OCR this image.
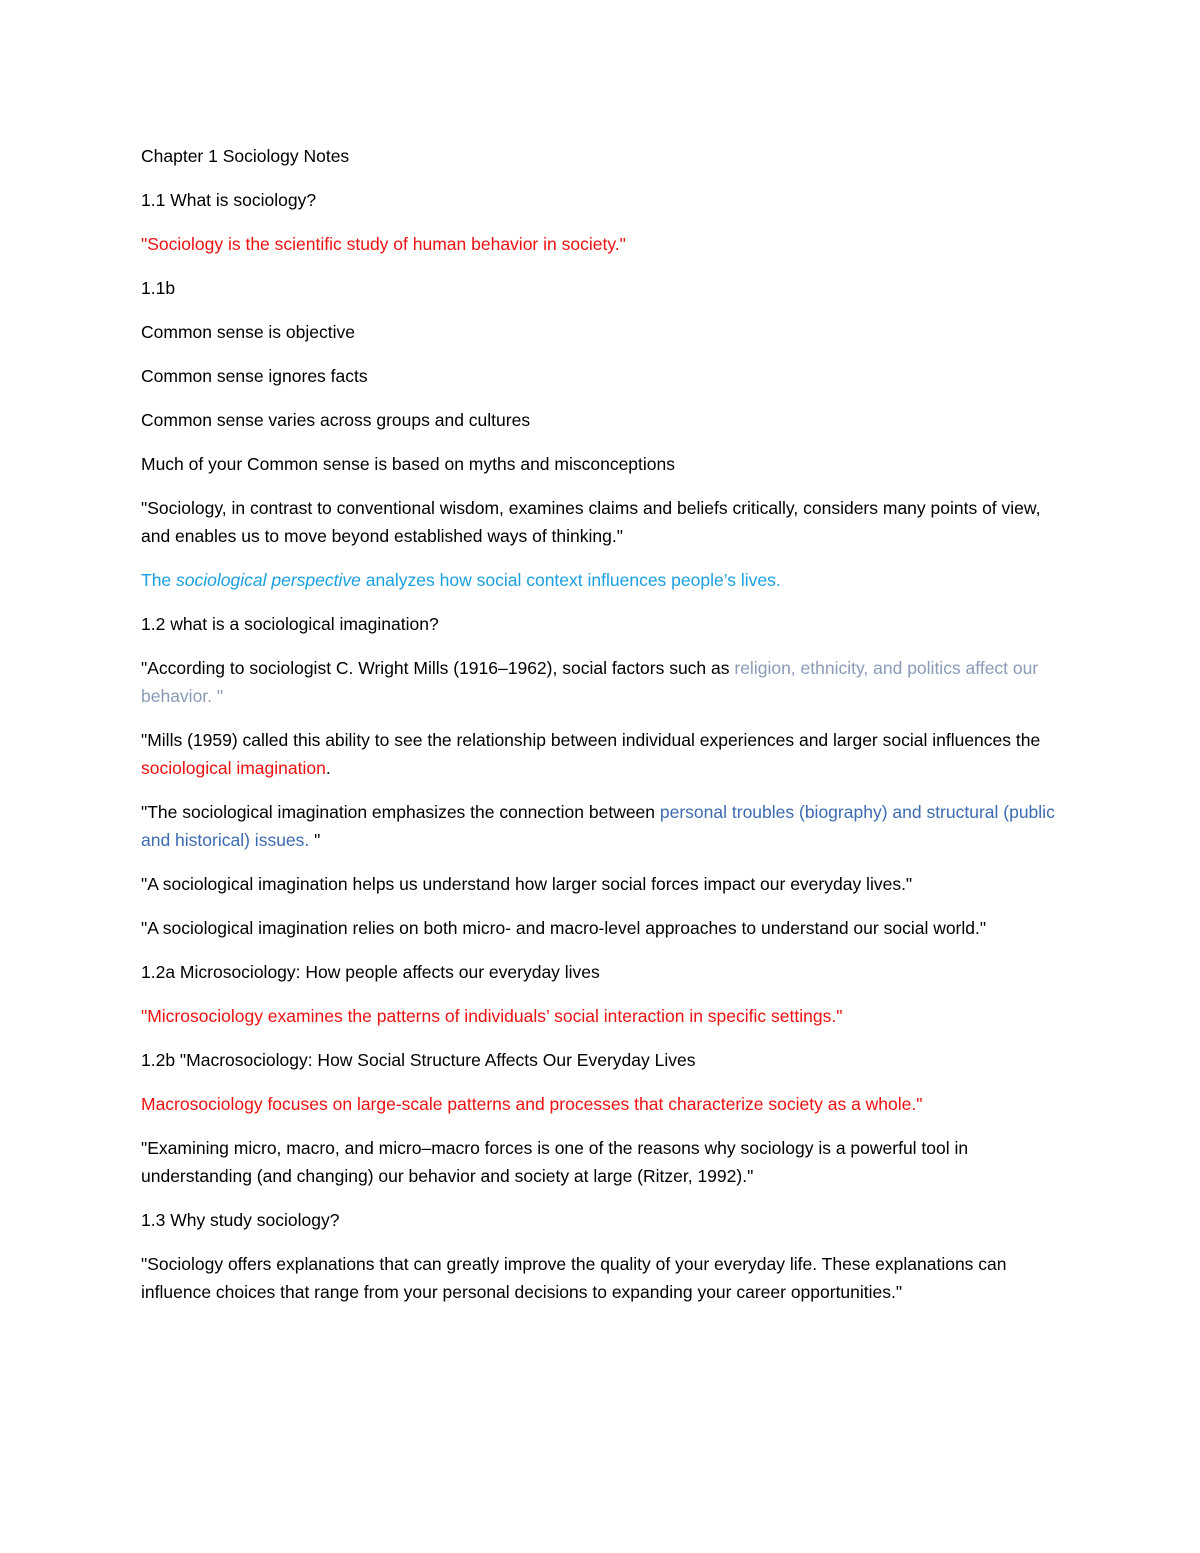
Chapter 1 Sociology Notes

1.1 What is sociology?

"Sociology is the scientific study of human behavior in society."

1.1b

Common sense is objective

Common sense ignores facts

Common sense varies across groups and cultures

Much of your Common sense is based on myths and misconceptions

"Sociology, in contrast to conventional wisdom, examines claims and beliefs critically, considers many points of view, and enables us to move beyond established ways of thinking."

The sociological perspective analyzes how social context influences people’s lives.

1.2 what is a sociological imagination?

"According to sociologist C. Wright Mills (1916–1962), social factors such as religion, ethnicity, and politics affect our behavior. "

"Mills (1959) called this ability to see the relationship between individual experiences and larger social influences the sociological imagination.

"The sociological imagination emphasizes the connection between personal troubles (biography) and structural (public and historical) issues. "

"A sociological imagination helps us understand how larger social forces impact our everyday lives."

"A sociological imagination relies on both micro- and macro-level approaches to understand our social world."

1.2a Microsociology: How people affects our everyday lives

"Microsociology examines the patterns of individuals’ social interaction in specific settings."

1.2b "Macrosociology: How Social Structure Affects Our Everyday Lives

Macrosociology focuses on large-scale patterns and processes that characterize society as a whole."

"Examining micro, macro, and micro–macro forces is one of the reasons why sociology is a powerful tool in understanding (and changing) our behavior and society at large (Ritzer, 1992)."

1.3 Why study sociology?

"Sociology offers explanations that can greatly improve the quality of your everyday life. These explanations can influence choices that range from your personal decisions to expanding your career opportunities."
